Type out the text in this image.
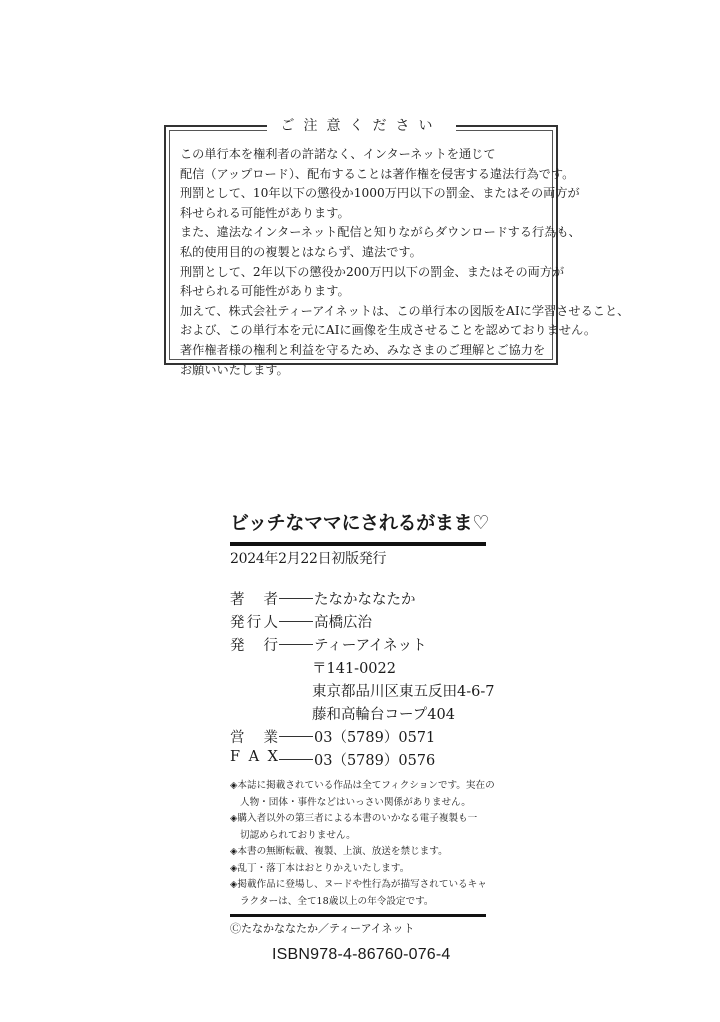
ご注意ください
この単行本を権利者の許諾なく、インターネットを通じて
配信（アップロード）、配布することは著作権を侵害する違法行為です。
刑罰として、10年以下の懲役か1000万円以下の罰金、またはその両方が
科せられる可能性があります。
また、違法なインターネット配信と知りながらダウンロードする行為も、
私的使用目的の複製とはならず、違法です。
刑罰として、2年以下の懲役か200万円以下の罰金、またはその両方が
科せられる可能性があります。
加えて、株式会社ティーアイネットは、この単行本の図版をAIに学習させること、
および、この単行本を元にAIに画像を生成させることを認めておりません。
著作権者様の権利と利益を守るため、みなさまのご理解とご協力を
お願いいたします。
ビッチなママにされるがまま♡
2024年2月22日初版発行
著 者 たなかななたか
発 行 人 高橋広治
発 行 ティーアイネット
〒141-0022
東京都品川区東五反田4-6-7
藤和高輪台コープ404
営 業 03（5789）0571
F A X 03（5789）0576
◈本誌に掲載されている作品は全てフィクションです。実在の
人物・団体・事件などはいっさい関係がありません。
◈購入者以外の第三者による本書のいかなる電子複製も一
切認められておりません。
◈本書の無断転載、複製、上演、放送を禁じます。
◈乱丁・落丁本はおとりかえいたします。
◈掲載作品に登場し、ヌードや性行為が描写されているキャ
ラクターは、全て18歳以上の年令設定です。
Ⓒたなかななたか／ティーアイネット
ISBN978-4-86760-076-4
